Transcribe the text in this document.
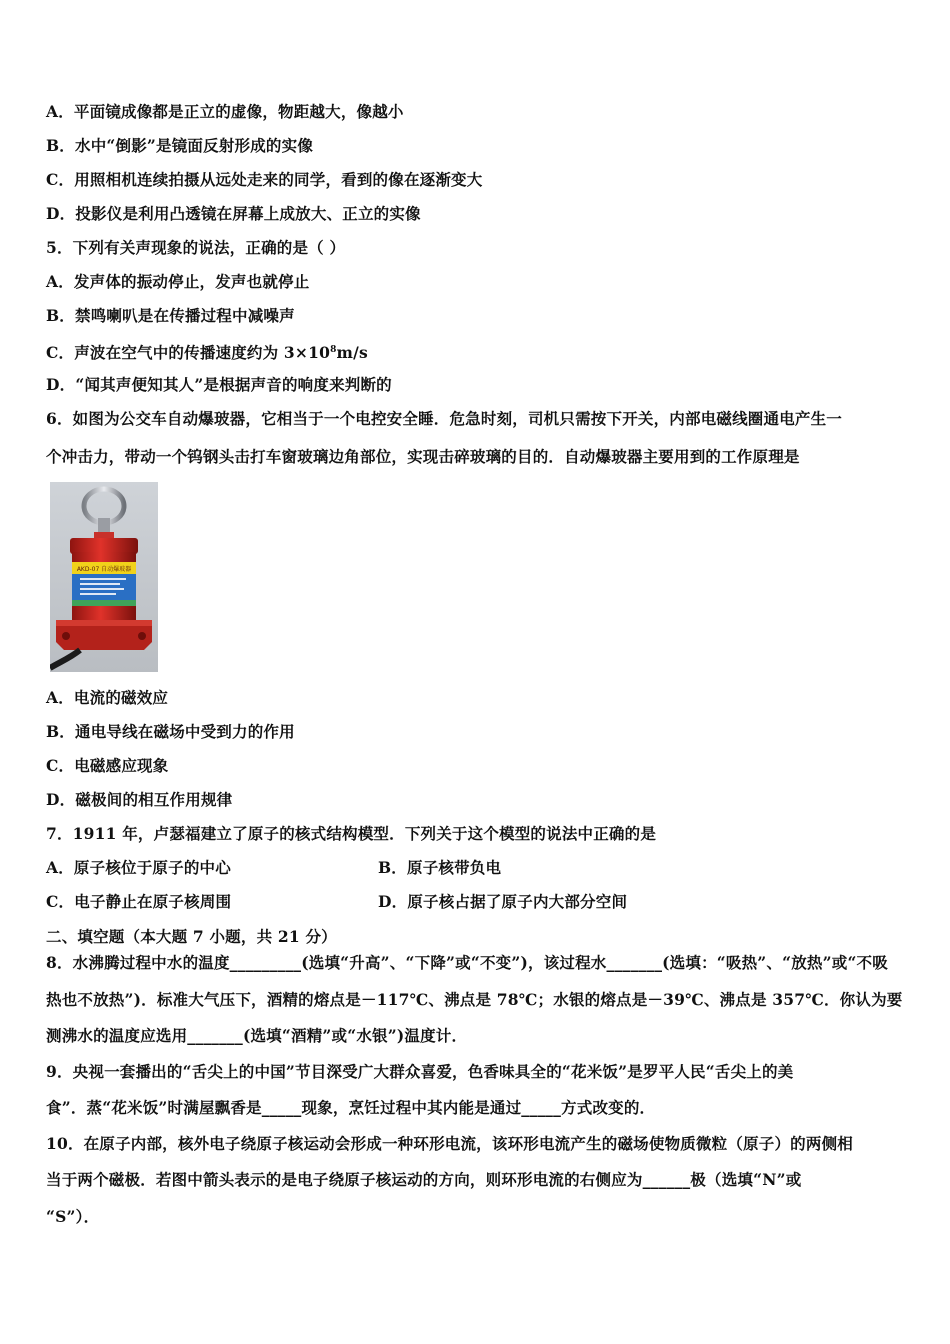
A．平面镜成像都是正立的虚像，物距越大，像越小
B．水中“倒影”是镜面反射形成的实像
C．用照相机连续拍摄从远处走来的同学，看到的像在逐渐变大
D．投影仪是利用凸透镜在屏幕上成放大、正立的实像
5．下列有关声现象的说法，正确的是（ ）
A．发声体的振动停止，发声也就停止
B．禁鸣喇叭是在传播过程中减噪声
C．声波在空气中的传播速度约为 $3\times 10^8m/s$
D．“闻其声便知其人”是根据声音的响度来判断的
6．如图为公交车自动爆玻器，它相当于一个电控安全睡．危急时刻，司机只需按下开关，内部电磁线圈通电产生一
个冲击力，带动一个钨钢头击打车窗玻璃边角部位，实现击碎玻璃的目的．自动爆玻器主要用到的工作原理是
AKD-07 自动爆玻器
A．电流的磁效应
B．通电导线在磁场中受到力的作用
C．电磁感应现象
D．磁极间的相互作用规律
7．1911 年，卢瑟福建立了原子的核式结构模型．下列关于这个模型的说法中正确的是
A．原子核位于原子的中心	B．原子核带负电
C．电子静止在原子核周围	D．原子核占据了原子内大部分空间
二、填空题（本大题 7 小题，共 21 分）
8．水沸腾过程中水的温度_________(选填“升高”、“下降”或“不变”)，该过程水_______(选填：“吸热”、“放热”或“不吸
热也不放热”)．标准大气压下，酒精的熔点是－117℃、沸点是 78℃；水银的熔点是－39℃、沸点是 357℃．你认为要
测沸水的温度应选用_______(选填“酒精”或“水银”)温度计．
9．央视一套播出的“舌尖上的中国”节目深受广大群众喜爱，色香味具全的“花米饭”是罗平人民“舌尖上的美
食”．蒸“花米饭”时满屋飘香是_____现象，烹饪过程中其内能是通过_____方式改变的．
10．在原子内部，核外电子绕原子核运动会形成一种环形电流，该环形电流产生的磁场使物质微粒（原子）的两侧相
当于两个磁极．若图中箭头表示的是电子绕原子核运动的方向，则环形电流的右侧应为______极（选填“N”或
“S”）．
